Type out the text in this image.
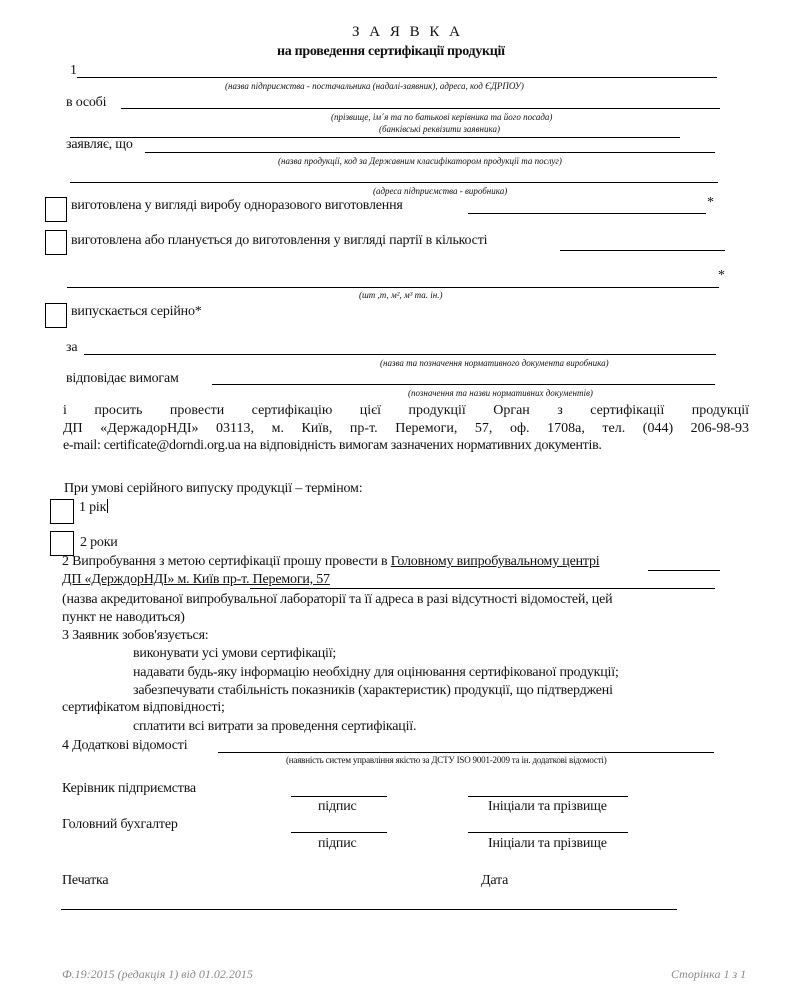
З А Я В К А
на проведення сертифікації продукції
1
(назва підприємства - постачальника (надалі-заявник), адреса, код ЄДРПОУ)
в особі
(прізвище, ім´я та по батькові керівника та його посада)
(банківські реквізити заявника)
заявляє, що
(назва продукції, код за Державним класифікатором продукції та послуг)
(адреса підприємства - виробника)
виготовлена у вигляді виробу одноразового виготовлення	*
виготовлена або планується до виготовлення у вигляді партії в кількості
*
(шт ,т, м², м³ та. ін.)
випускається серійно*
за
(назва та позначення нормативного документа виробника)
відповідає вимогам
(позначення та назви нормативних документів)
і просить провести сертифікацію цієї продукції Орган з сертифікації продукції
ДП «ДержадорНДІ» 03113, м. Київ, пр-т. Перемоги, 57, оф. 1708а, тел. (044) 206-98-93
e-mail: certificate@dorndi.org.ua на відповідність вимогам зазначених нормативних документів.
При умові серійного випуску продукції – терміном:
1 рік
2 роки
2 Випробування з метою сертифікації прошу провести в Головному випробувальному центрі
ДП «ДерждорНДІ» м. Київ пр-т. Перемоги, 57
(назва акредитованої випробувальної лабораторії та її адреса в разі відсутності відомостей, цей
пункт не наводиться)
3 Заявник зобов'язується:
виконувати усі умови сертифікації;
надавати будь-яку інформацію необхідну для оцінювання сертифікованої продукції;
забезпечувати стабільність показників (характеристик) продукції, що підтверджені
сертифікатом відповідності;
сплатити всі витрати за проведення сертифікації.
4 Додаткові відомості
(наявність систем управління якістю за ДСТУ ISO 9001-2009 та ін. додаткові відомості)
Керівник підприємства
підпис	Ініціали та прізвище
Головний бухгалтер
підпис	Ініціали та прізвище
Печатка	Дата
Ф.19:2015 (редакція 1) від 01.02.2015	Сторінка 1 з 1
